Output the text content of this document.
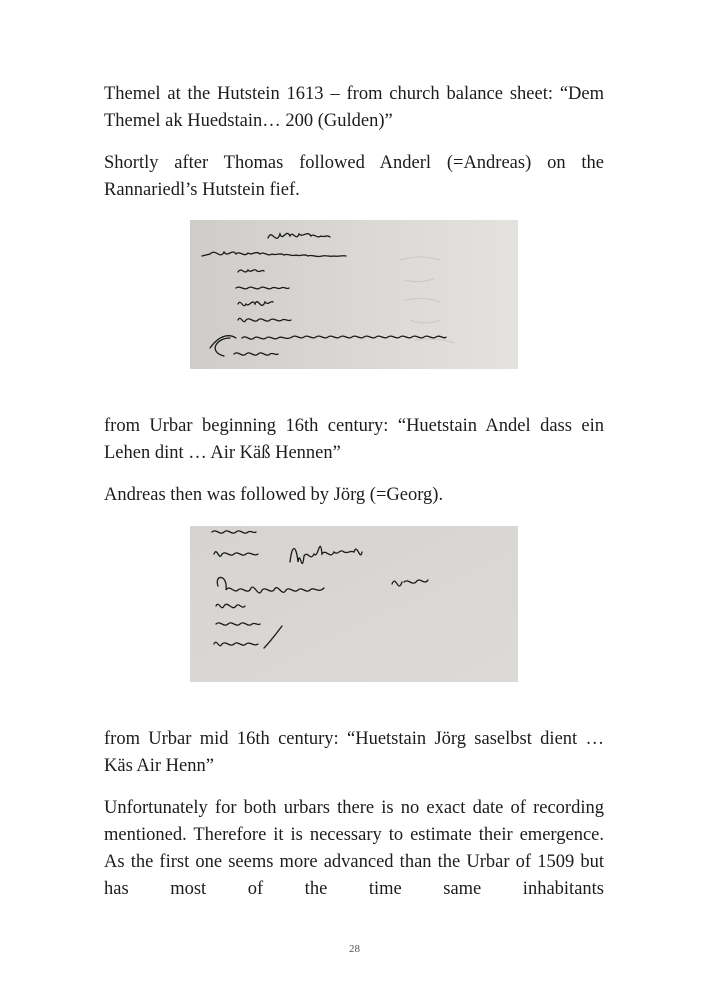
Themel at the Hutstein 1613 – from church balance sheet: “Dem Themel ak Huedstain… 200 (Gulden)”

Shortly after Thomas followed Anderl (=Andreas) on the Rannariedl’s Hutstein fief.

from Urbar beginning 16th century: “Huetstain Andel dass ein Lehen dint … Air Käß Hennen”

Andreas then was followed by Jörg (=Georg).

from Urbar mid 16th century: “Huetstain Jörg saselbst dient … Käs Air Henn”

Unfortunately for both urbars there is no exact date of recording mentioned. Therefore it is necessary to estimate their emergence. As the first one seems more advanced than the Urbar of 1509 but has most of the time same inhabitants

28
